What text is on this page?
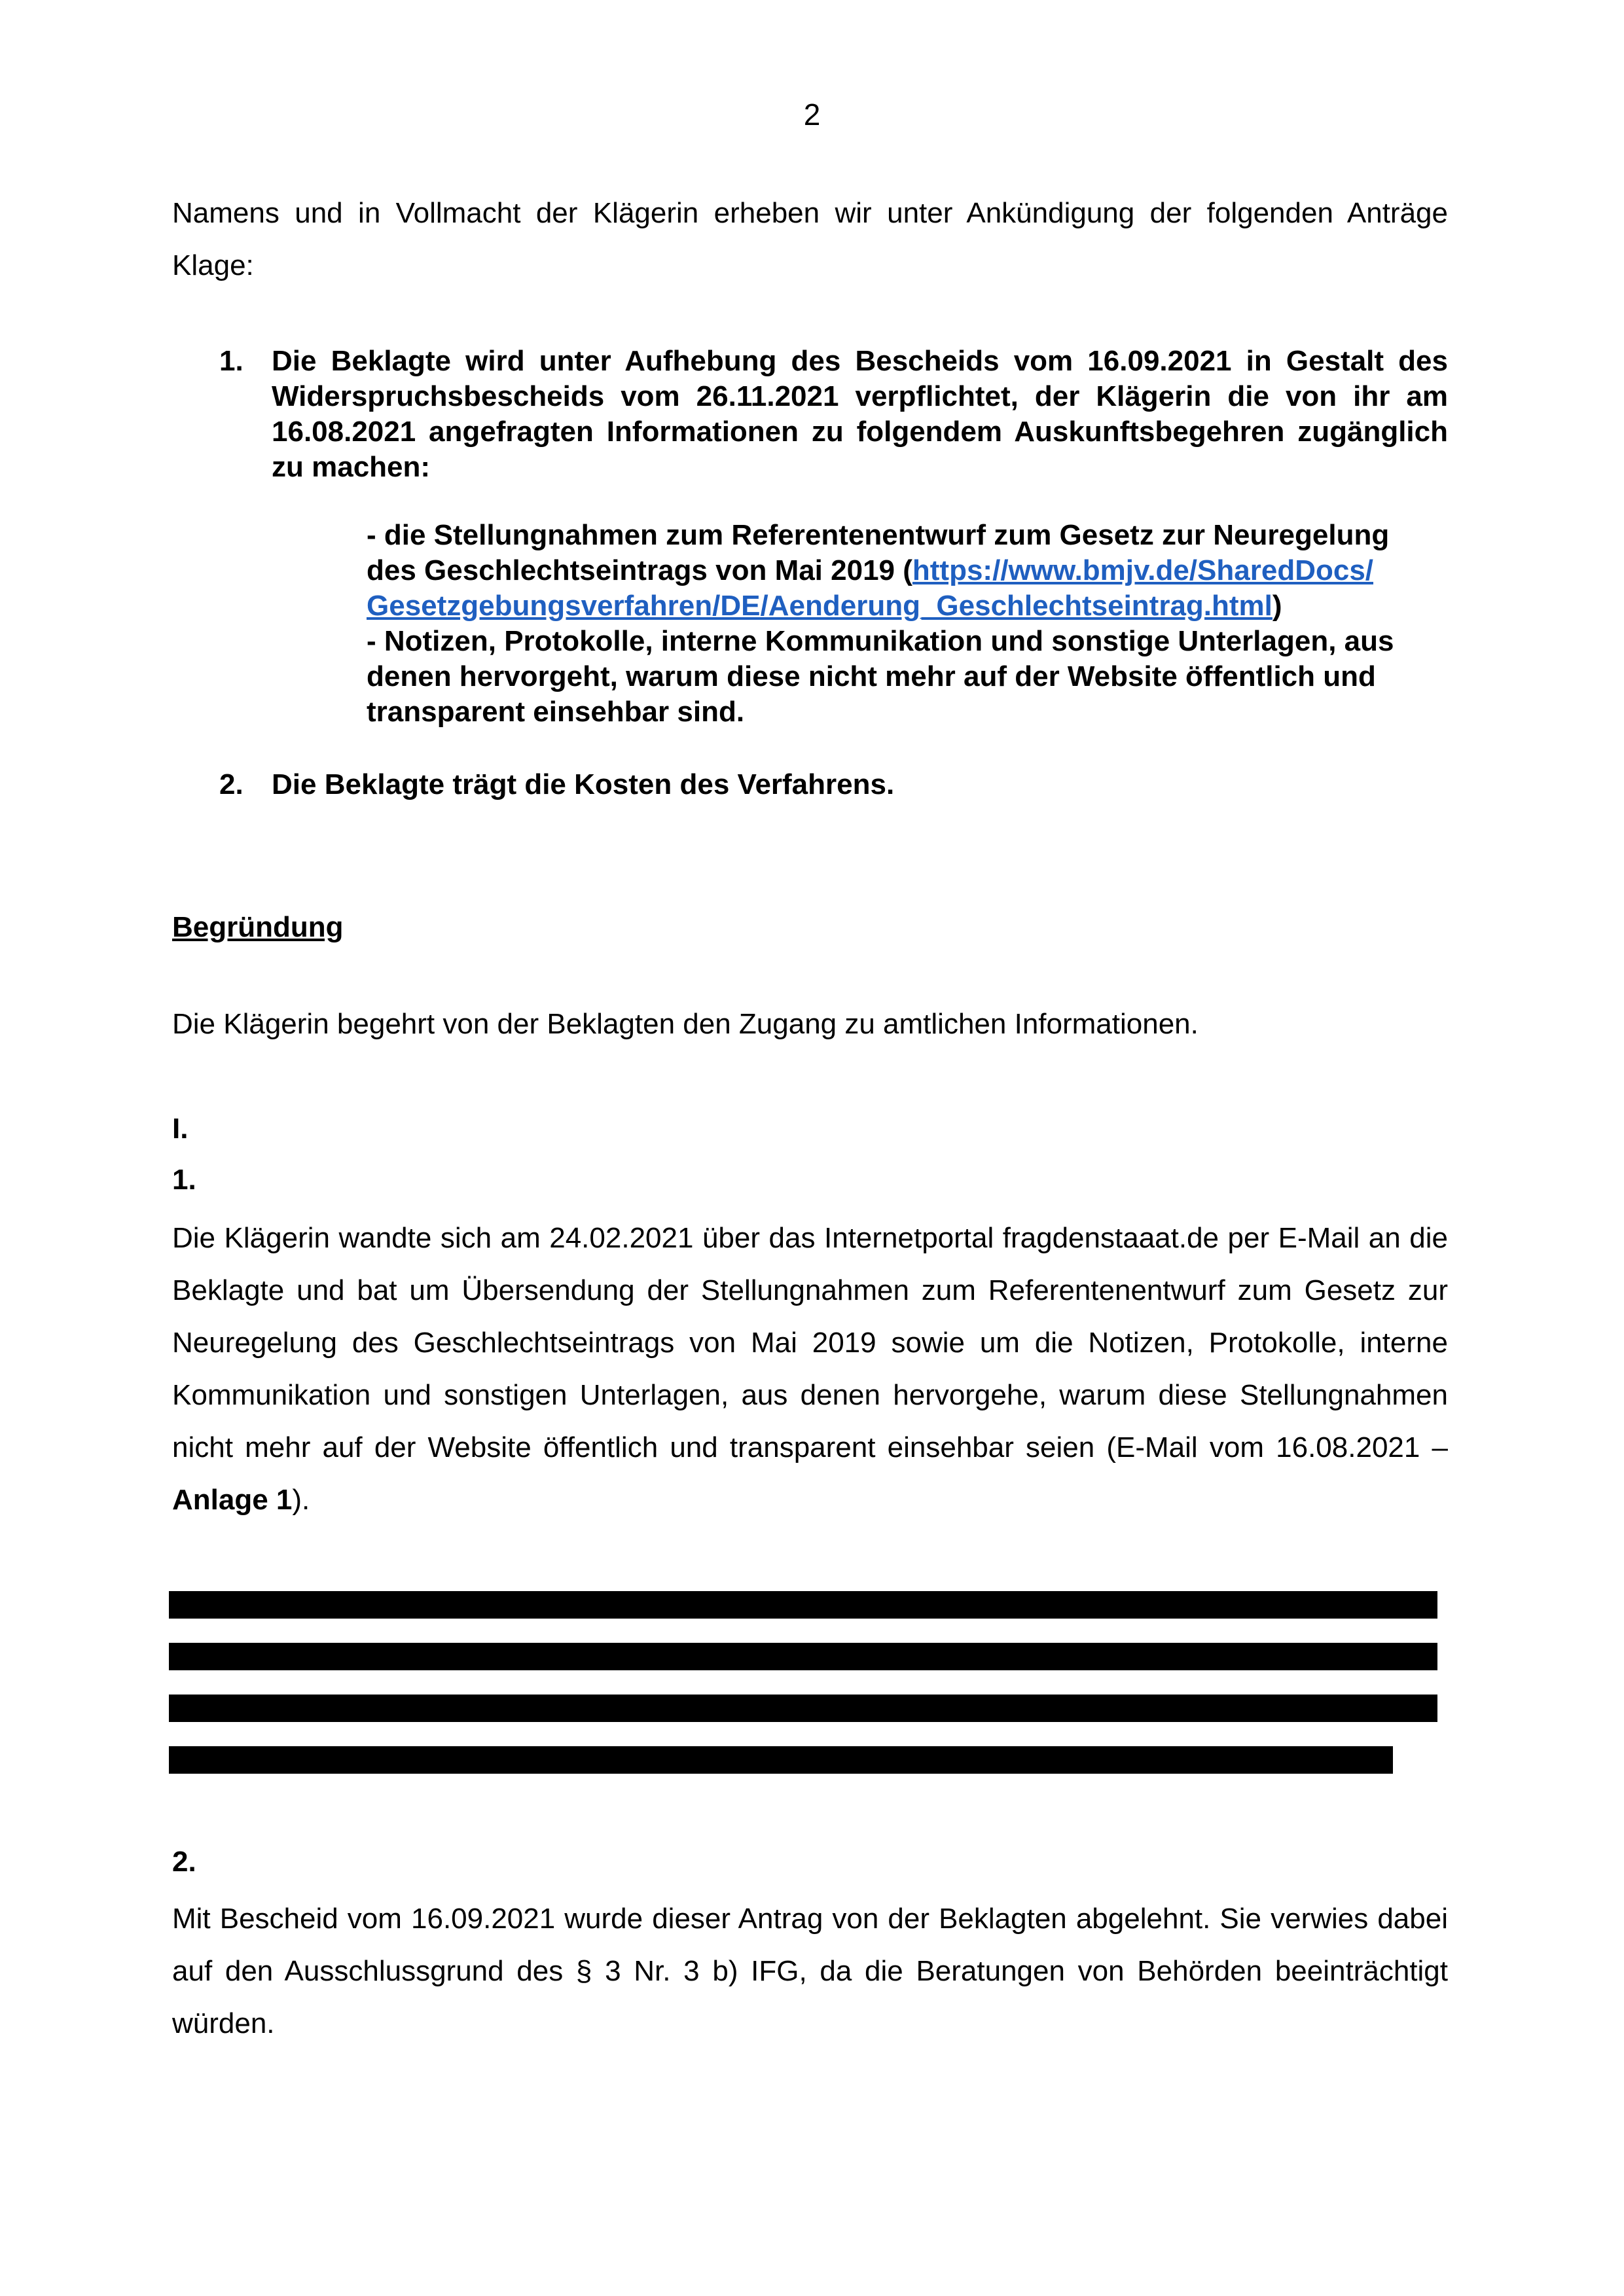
2

Namens und in Vollmacht der Klägerin erheben wir unter Ankündigung der folgenden Anträge Klage:

1. Die Beklagte wird unter Aufhebung des Bescheids vom 16.09.2021 in Gestalt des Widerspruchsbescheids vom 26.11.2021 verpflichtet, der Klägerin die von ihr am 16.08.2021 angefragten Informationen zu folgendem Auskunftsbegehren zugänglich zu machen:
- die Stellungnahmen zum Referentenentwurf zum Gesetz zur Neuregelung
des Geschlechtseintrags von Mai 2019 (https://www.bmjv.de/SharedDocs/
Gesetzgebungsverfahren/DE/Aenderung_Geschlechtseintrag.html)
- Notizen, Protokolle, interne Kommunikation und sonstige Unterlagen, aus
denen hervorgeht, warum diese nicht mehr auf der Website öffentlich und
transparent einsehbar sind.
2. Die Beklagte trägt die Kosten des Verfahrens.
Begründung
Die Klägerin begehrt von der Beklagten den Zugang zu amtlichen Informationen.
I.
1.
Die Klägerin wandte sich am 24.02.2021 über das Internetportal fragdenstaaat.de per E-Mail an die Beklagte und bat um Übersendung der Stellungnahmen zum Referentenentwurf zum Gesetz zur Neuregelung des Geschlechtseintrags von Mai 2019 sowie um die Notizen, Protokolle, interne Kommunikation und sonstigen Unterlagen, aus denen hervorgehe, warum diese Stellungnahmen nicht mehr auf der Website öffentlich und transparent einsehbar seien (E-Mail vom 16.08.2021 – Anlage 1).
2.
Mit Bescheid vom 16.09.2021 wurde dieser Antrag von der Beklagten abgelehnt. Sie verwies dabei auf den Ausschlussgrund des § 3 Nr. 3 b) IFG, da die Beratungen von Behörden beeinträchtigt würden.
